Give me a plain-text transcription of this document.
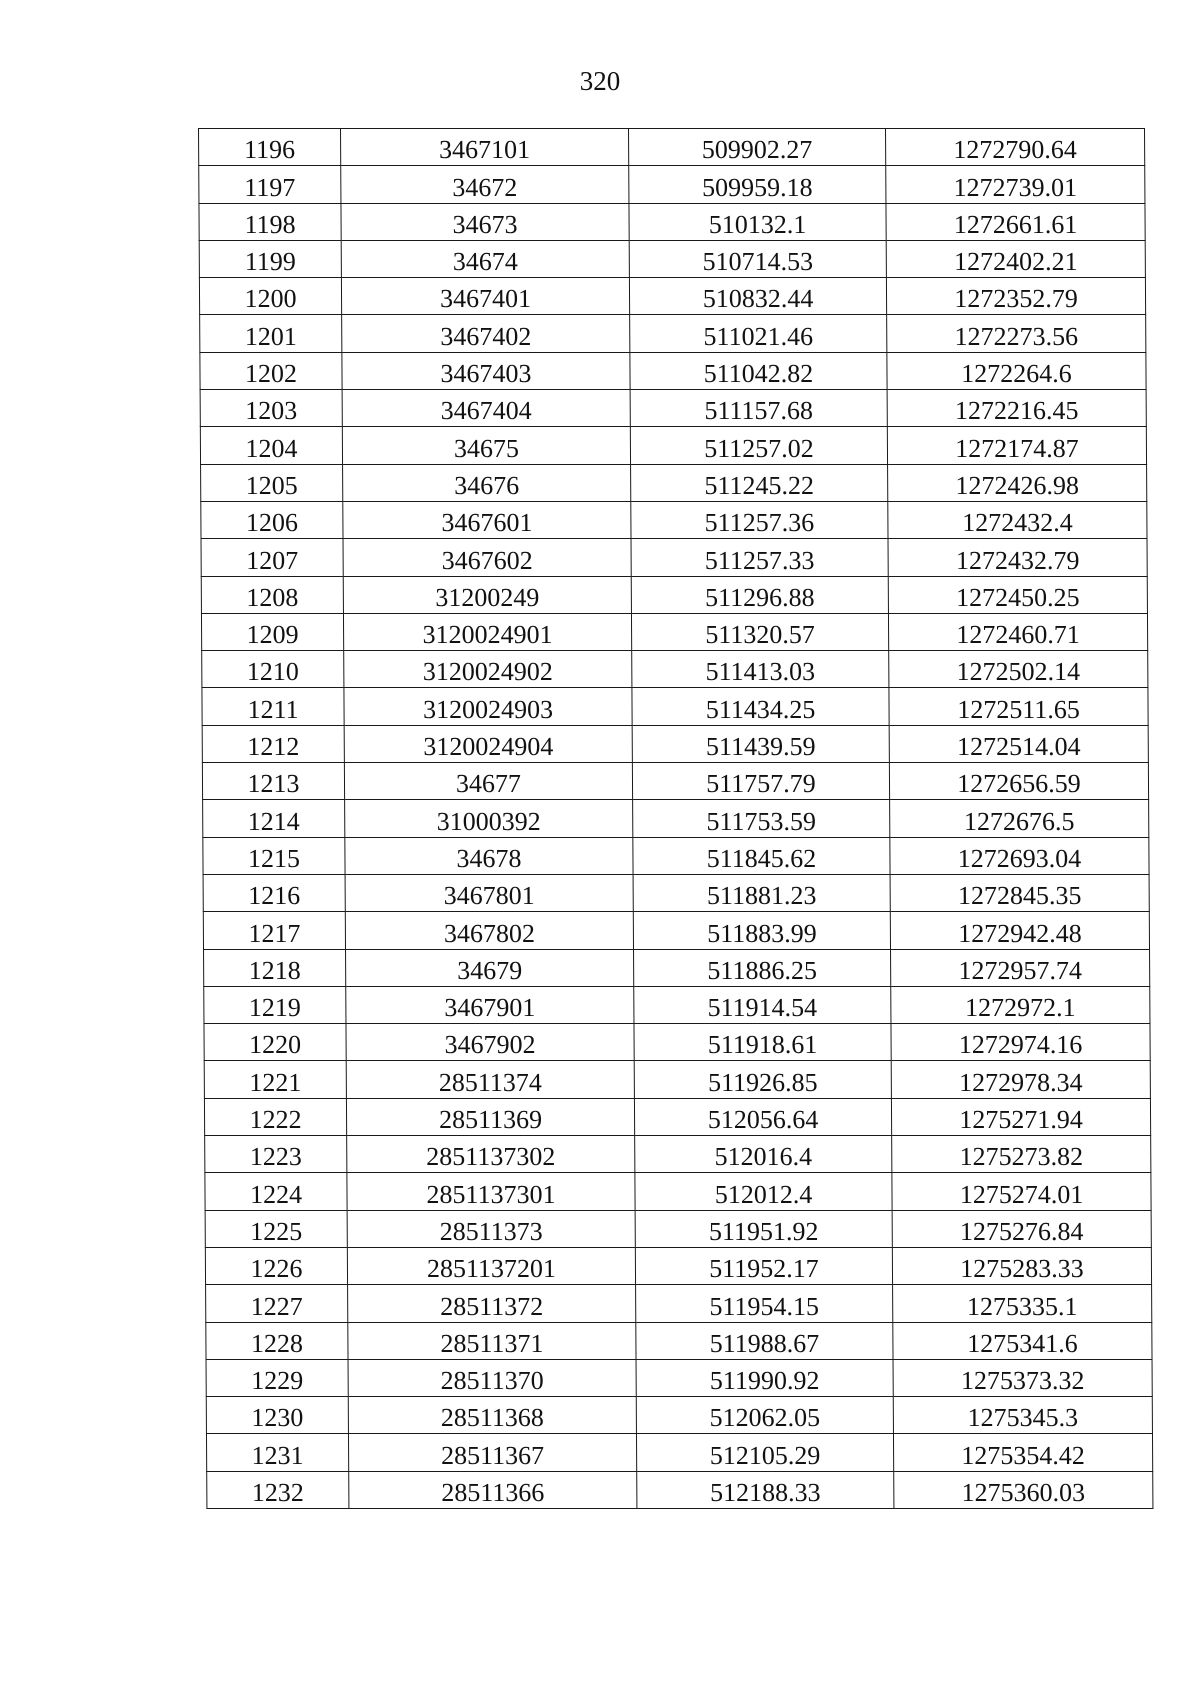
320
1196	3467101	509902.27	1272790.64
1197	34672	509959.18	1272739.01
1198	34673	510132.1	1272661.61
1199	34674	510714.53	1272402.21
1200	3467401	510832.44	1272352.79
1201	3467402	511021.46	1272273.56
1202	3467403	511042.82	1272264.6
1203	3467404	511157.68	1272216.45
1204	34675	511257.02	1272174.87
1205	34676	511245.22	1272426.98
1206	3467601	511257.36	1272432.4
1207	3467602	511257.33	1272432.79
1208	31200249	511296.88	1272450.25
1209	3120024901	511320.57	1272460.71
1210	3120024902	511413.03	1272502.14
1211	3120024903	511434.25	1272511.65
1212	3120024904	511439.59	1272514.04
1213	34677	511757.79	1272656.59
1214	31000392	511753.59	1272676.5
1215	34678	511845.62	1272693.04
1216	3467801	511881.23	1272845.35
1217	3467802	511883.99	1272942.48
1218	34679	511886.25	1272957.74
1219	3467901	511914.54	1272972.1
1220	3467902	511918.61	1272974.16
1221	28511374	511926.85	1272978.34
1222	28511369	512056.64	1275271.94
1223	2851137302	512016.4	1275273.82
1224	2851137301	512012.4	1275274.01
1225	28511373	511951.92	1275276.84
1226	2851137201	511952.17	1275283.33
1227	28511372	511954.15	1275335.1
1228	28511371	511988.67	1275341.6
1229	28511370	511990.92	1275373.32
1230	28511368	512062.05	1275345.3
1231	28511367	512105.29	1275354.42
1232	28511366	512188.33	1275360.03
